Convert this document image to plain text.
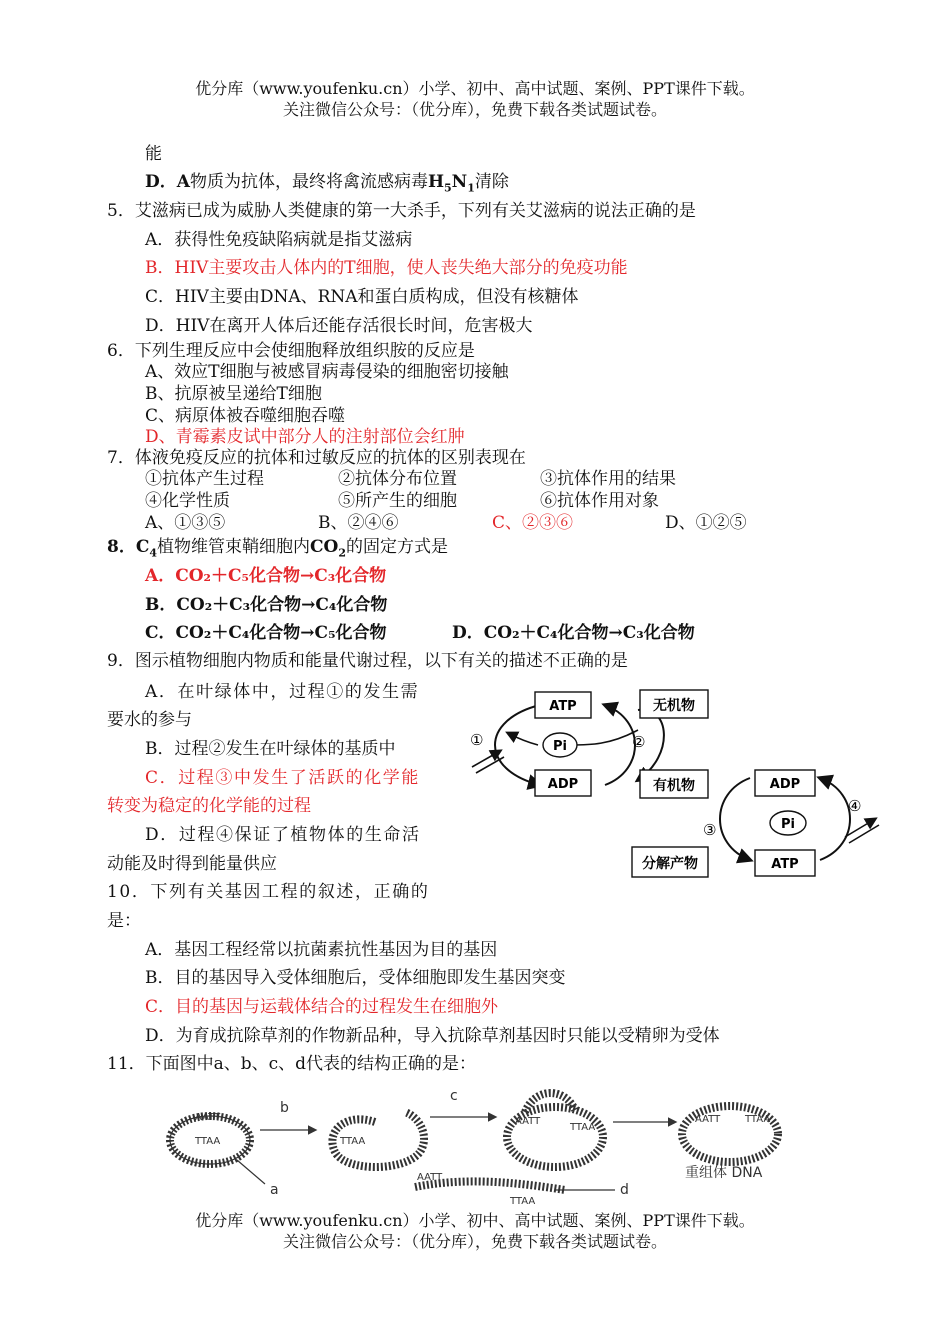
优分库（www.youfenku.cn）小学、初中、高中试题、案例、PPT课件下载。
关注微信公众号：（优分库），免费下载各类试题试卷。
能
D．A物质为抗体，最终将禽流感病毒$H_5N_1$清除
5．艾滋病已成为威胁人类健康的第一大杀手，下列有关艾滋病的说法正确的是
A．获得性免疫缺陷病就是指艾滋病
B．HIV主要攻击人体内的T细胞，使人丧失绝大部分的免疫功能
C．HIV主要由DNA、RNA和蛋白质构成，但没有核糖体
D．HIV在离开人体后还能存活很长时间，危害极大
6．下列生理反应中会使细胞释放组织胺的反应是
A、效应T细胞与被感冒病毒侵染的细胞密切接触
B、抗原被呈递给T细胞
C、病原体被吞噬细胞吞噬
D、青霉素皮试中部分人的注射部位会红肿
7．体液免疫反应的抗体和过敏反应的抗体的区别表现在
①抗体产生过程	②抗体分布位置	③抗体作用的结果
④化学性质	⑤所产生的细胞	⑥抗体作用对象
A、①③⑤	B、②④⑥	C、②③⑥	D、①②⑤
8．$C_4$植物维管束鞘细胞内$CO_2$的固定方式是
A．CO₂＋C₅化合物→C₃化合物
B．CO₂＋C₃化合物→C₄化合物
C．CO₂＋C₄化合物→C₅化合物	D．CO₂＋C₄化合物→C₃化合物
9．图示植物细胞内物质和能量代谢过程，以下有关的描述不正确的是
A．在叶绿体中，过程①的发生需
要水的参与
B．过程②发生在叶绿体的基质中
C．过程③中发生了活跃的化学能
转变为稳定的化学能的过程
D．过程④保证了植物体的生命活
动能及时得到能量供应
ATP
ADP
无机物
有机物	ADP
ATP
分解产物
Pi
Pi
①	②
③
④
10．下列有关基因工程的叙述，正确的
是：
A．基因工程经常以抗菌素抗性基因为目的基因
B．目的基因导入受体细胞后，受体细胞即发生基因突变
C．目的基因与运载体结合的过程发生在细胞外
D．为育成抗除草剂的作物新品种，导入抗除草剂基因时只能以受精卵为受体
11．下面图中a、b、c、d代表的结构正确的是：
AATT
TTAA
b
TTAA
c
AATT
TTAA
AATT TTAA
重组体 DNA
AATT
TTAA
a	d
优分库（www.youfenku.cn）小学、初中、高中试题、案例、PPT课件下载。
关注微信公众号：（优分库），免费下载各类试题试卷。
